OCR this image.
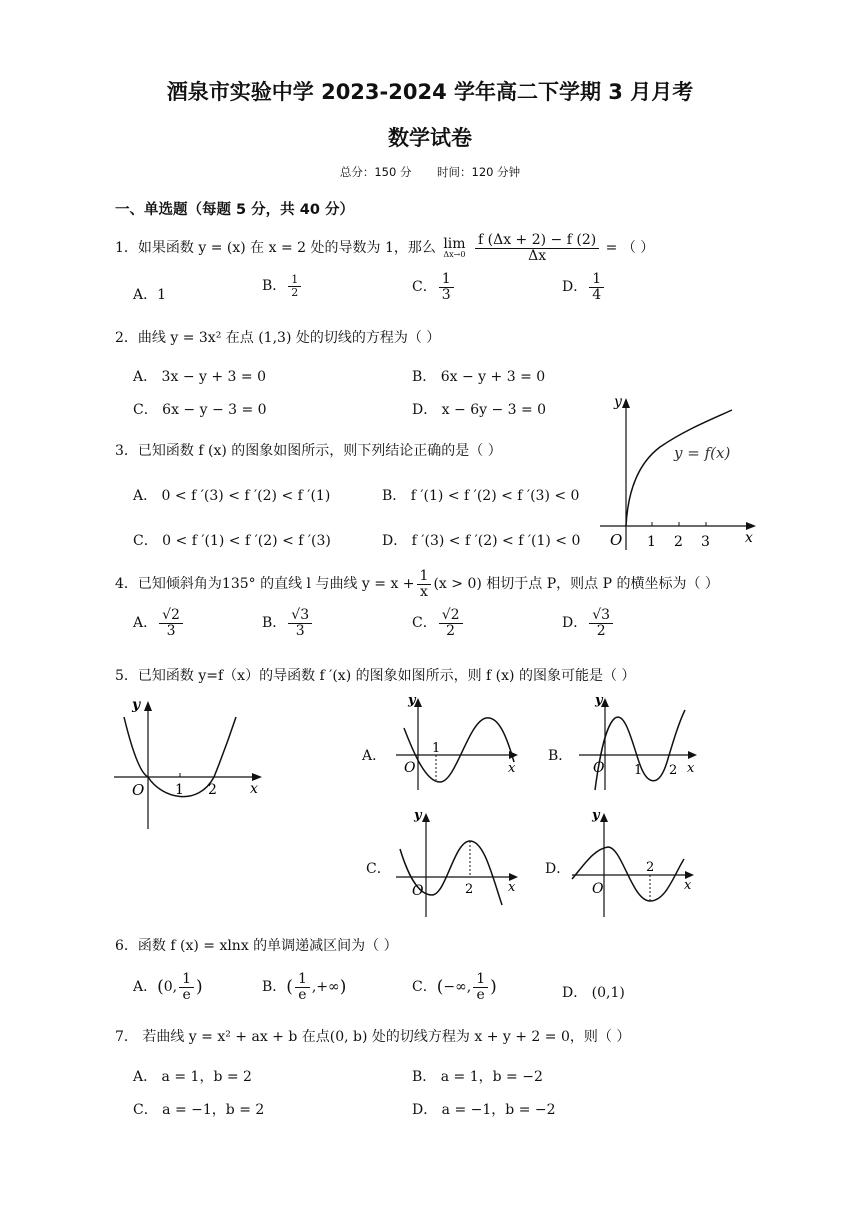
酒泉市实验中学 2023-2024 学年高二下学期 3 月月考
数学试卷
总分：150 分       时间：120 分钟
一、单选题（每题 5 分，共 40 分）
1．如果函数 y = (x) 在 x = 2 处的导数为 1，那么 lim
Δx→0
$\frac{f (\Delta x + 2) - f (2)}{\Delta x}$ = （ ）
A．1
B． $\frac{1}{2}$	C． $\frac{1}{3}$	D． $\frac{1}{4}$
2．曲线 y = 3x² 在点 (1,3) 处的切线的方程为（ ）
A． 3x − y + 3 = 0	B． 6x − y + 3 = 0
C． 6x − y − 3 = 0	D． x − 6y − 3 = 0
3．已知函数 f (x) 的图象如图所示，则下列结论正确的是（ ）
A． 0 < f ′(3) < f ′(2) < f ′(1)	B． f ′(1) < f ′(2) < f ′(3) < 0
C． 0 < f ′(1) < f ′(2) < f ′(3)	D． f ′(3) < f ′(2) < f ′(1) < 0
y
x
O 1 2 3
y = f(x)
4．已知倾斜角为135° 的直线 l 与曲线 $y = x + \frac{1}{x} (x > 0)$ 相切于点 P，则点 P 的横坐标为（ ）
A． $\frac{√2}{3}$	B． $\frac{√3}{3}$	C． $\frac{√2}{2}$	D． $\frac{√3}{2}$
5．已知函数 y=f（x）的导函数 f ′(x) 的图象如图所示，则 f (x) 的图象可能是（ ）
y
x
O 1 2
A．
y
x
O
1	B．
y
x
O 1 2
C．
y
x
O	2
D．
y
x
O
2
6．函数 f (x) = xlnx 的单调递减区间为（ ）
A．(0, $\frac{1}{e}$ )	B．( $\frac{1}{e}$ ,+∞)	C．(−∞, $\frac{1}{e}$ )	D． (0,1)
7． 若曲线 y = x² + ax + b 在点(0, b) 处的切线方程为 x + y + 2 = 0，则（ ）
A． a = 1，b = 2	B． a = 1，b = −2
C． a = −1，b = 2	D． a = −1，b = −2
